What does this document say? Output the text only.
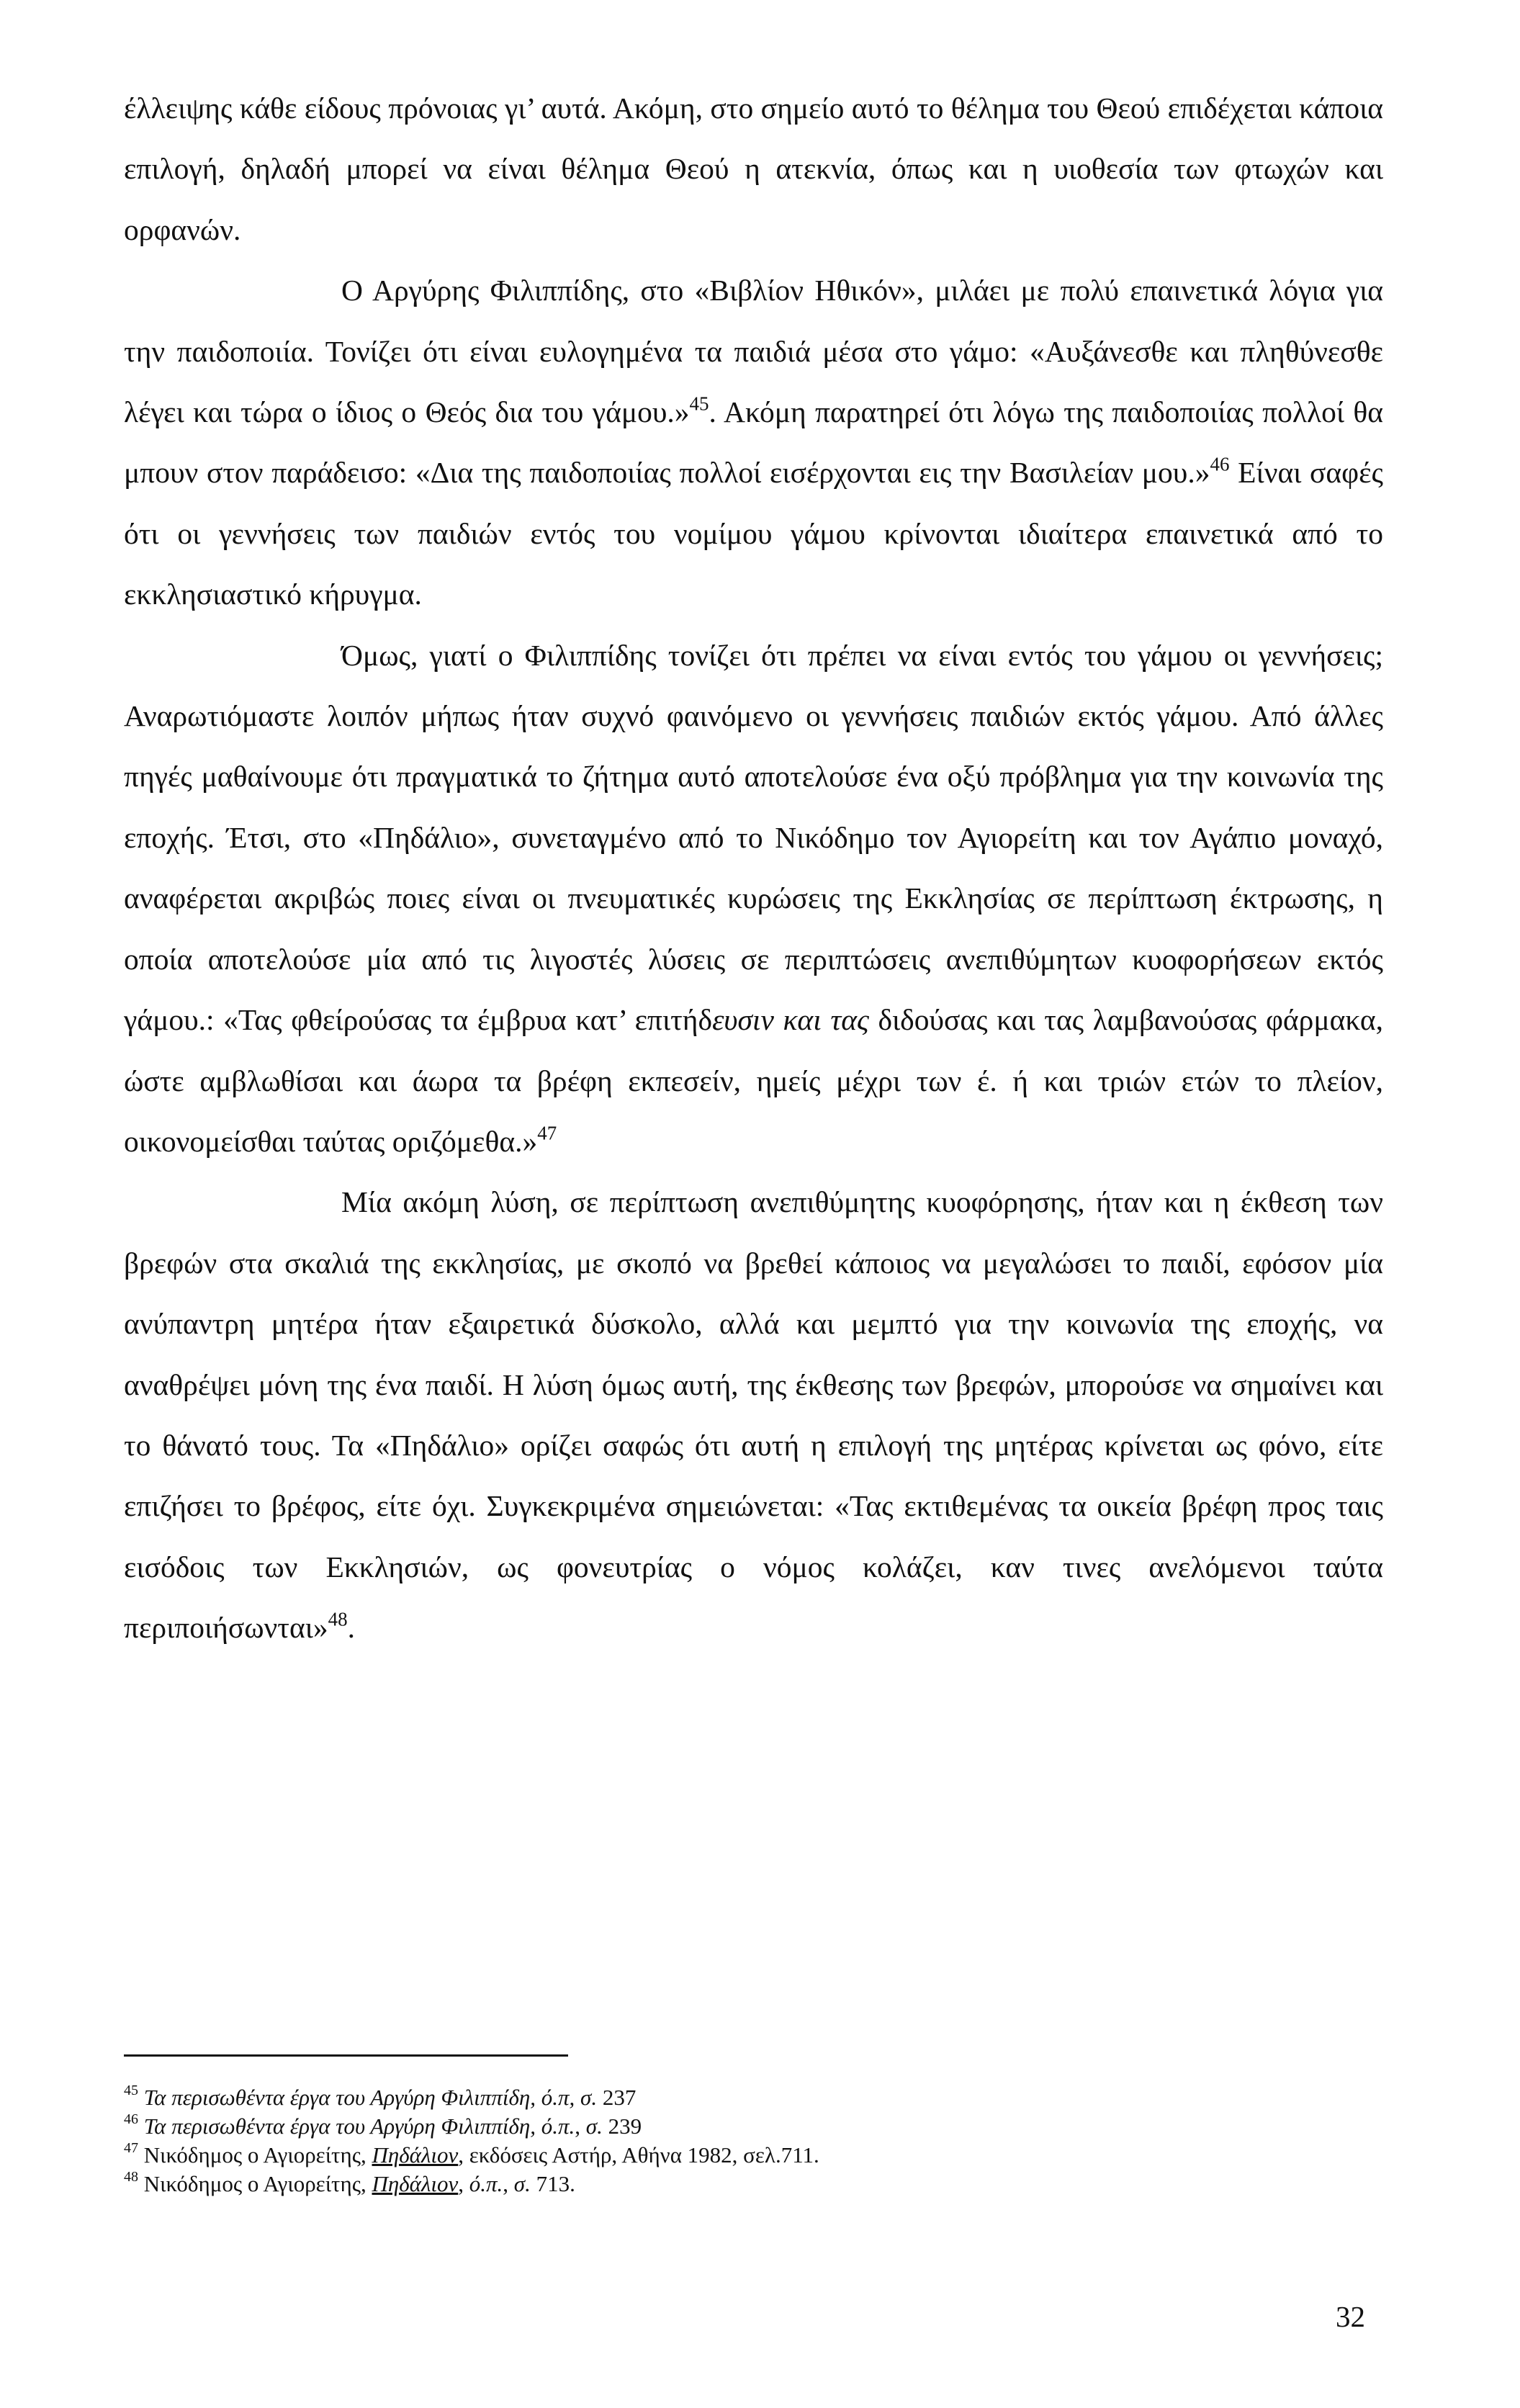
έλλειψης κάθε είδους πρόνοιας γι’ αυτά. Ακόμη, στο σημείο αυτό το θέλημα του Θεού επιδέχεται κάποια επιλογή, δηλαδή μπορεί να είναι θέλημα Θεού η ατεκνία, όπως και η υιοθεσία των φτωχών και ορφανών.

Ο Αργύρης Φιλιππίδης, στο «Βιβλίον Ηθικόν», μιλάει με πολύ επαινετικά λόγια για την παιδοποιία. Τονίζει ότι είναι ευλογημένα τα παιδιά μέσα στο γάμο: «Αυξάνεσθε και πληθύνεσθε λέγει και τώρα ο ίδιος ο Θεός δια του γάμου.»$^{45}$. Ακόμη παρατηρεί ότι λόγω της παιδοποιίας πολλοί θα μπουν στον παράδεισο: «Δια της παιδοποιίας πολλοί εισέρχονται εις την Βασιλείαν μου.»$^{46}$ Είναι σαφές ότι οι γεννήσεις των παιδιών εντός του νομίμου γάμου κρίνονται ιδιαίτερα επαινετικά από το εκκλησιαστικό κήρυγμα.

Όμως, γιατί ο Φιλιππίδης τονίζει ότι πρέπει να είναι εντός του γάμου οι γεννήσεις; Αναρωτιόμαστε λοιπόν μήπως ήταν συχνό φαινόμενο οι γεννήσεις παιδιών εκτός γάμου. Από άλλες πηγές μαθαίνουμε ότι πραγματικά το ζήτημα αυτό αποτελούσε ένα οξύ πρόβλημα για την κοινωνία της εποχής. Έτσι, στο «Πηδάλιο», συνεταγμένο από το Νικόδημο τον Αγιορείτη και τον Αγάπιο μοναχό, αναφέρεται ακριβώς ποιες είναι οι πνευματικές κυρώσεις της Εκκλησίας σε περίπτωση έκτρωσης, η οποία αποτελούσε μία από τις λιγοστές λύσεις σε περιπτώσεις ανεπιθύμητων κυοφορήσεων εκτός γάμου.: «Τας φθείρούσας τα έμβρυα κατ’ επιτήδευσιν και τας διδούσας και τας λαμβανούσας φάρμακα, ώστε αμβλωθίσαι και άωρα τα βρέφη εκπεσείν, ημείς μέχρι των έ. ή και τριών ετών το πλείον, οικονομείσθαι ταύτας οριζόμεθα.»$^{47}$

Μία ακόμη λύση, σε περίπτωση ανεπιθύμητης κυοφόρησης, ήταν και η έκθεση των βρεφών στα σκαλιά της εκκλησίας, με σκοπό να βρεθεί κάποιος να μεγαλώσει το παιδί, εφόσον μία ανύπαντρη μητέρα ήταν εξαιρετικά δύσκολο, αλλά και μεμπτό για την κοινωνία της εποχής, να αναθρέψει μόνη της ένα παιδί. Η λύση όμως αυτή, της έκθεσης των βρεφών, μπορούσε να σημαίνει και το θάνατό τους. Τα «Πηδάλιο» ορίζει σαφώς ότι αυτή η επιλογή της μητέρας κρίνεται ως φόνο, είτε επιζήσει το βρέφος, είτε όχι. Συγκεκριμένα σημειώνεται: «Τας εκτιθεμένας τα οικεία βρέφη προς ταις εισόδοις των Εκκλησιών, ως φονευτρίας ο νόμος κολάζει, καν τινες ανελόμενοι ταύτα περιποιήσωνται»$^{48}$.

$^{45}$ Τα περισωθέντα έργα του Αργύρη Φιλιππίδη, ό.π, σ. 237

$^{46}$ Τα περισωθέντα έργα του Αργύρη Φιλιππίδη, ό.π., σ. 239

$^{47}$ Νικόδημος ο Αγιορείτης, Πηδάλιον, εκδόσεις Αστήρ, Αθήνα 1982, σελ.711.

$^{48}$ Νικόδημος ο Αγιορείτης, Πηδάλιον, ό.π., σ. 713.

32
